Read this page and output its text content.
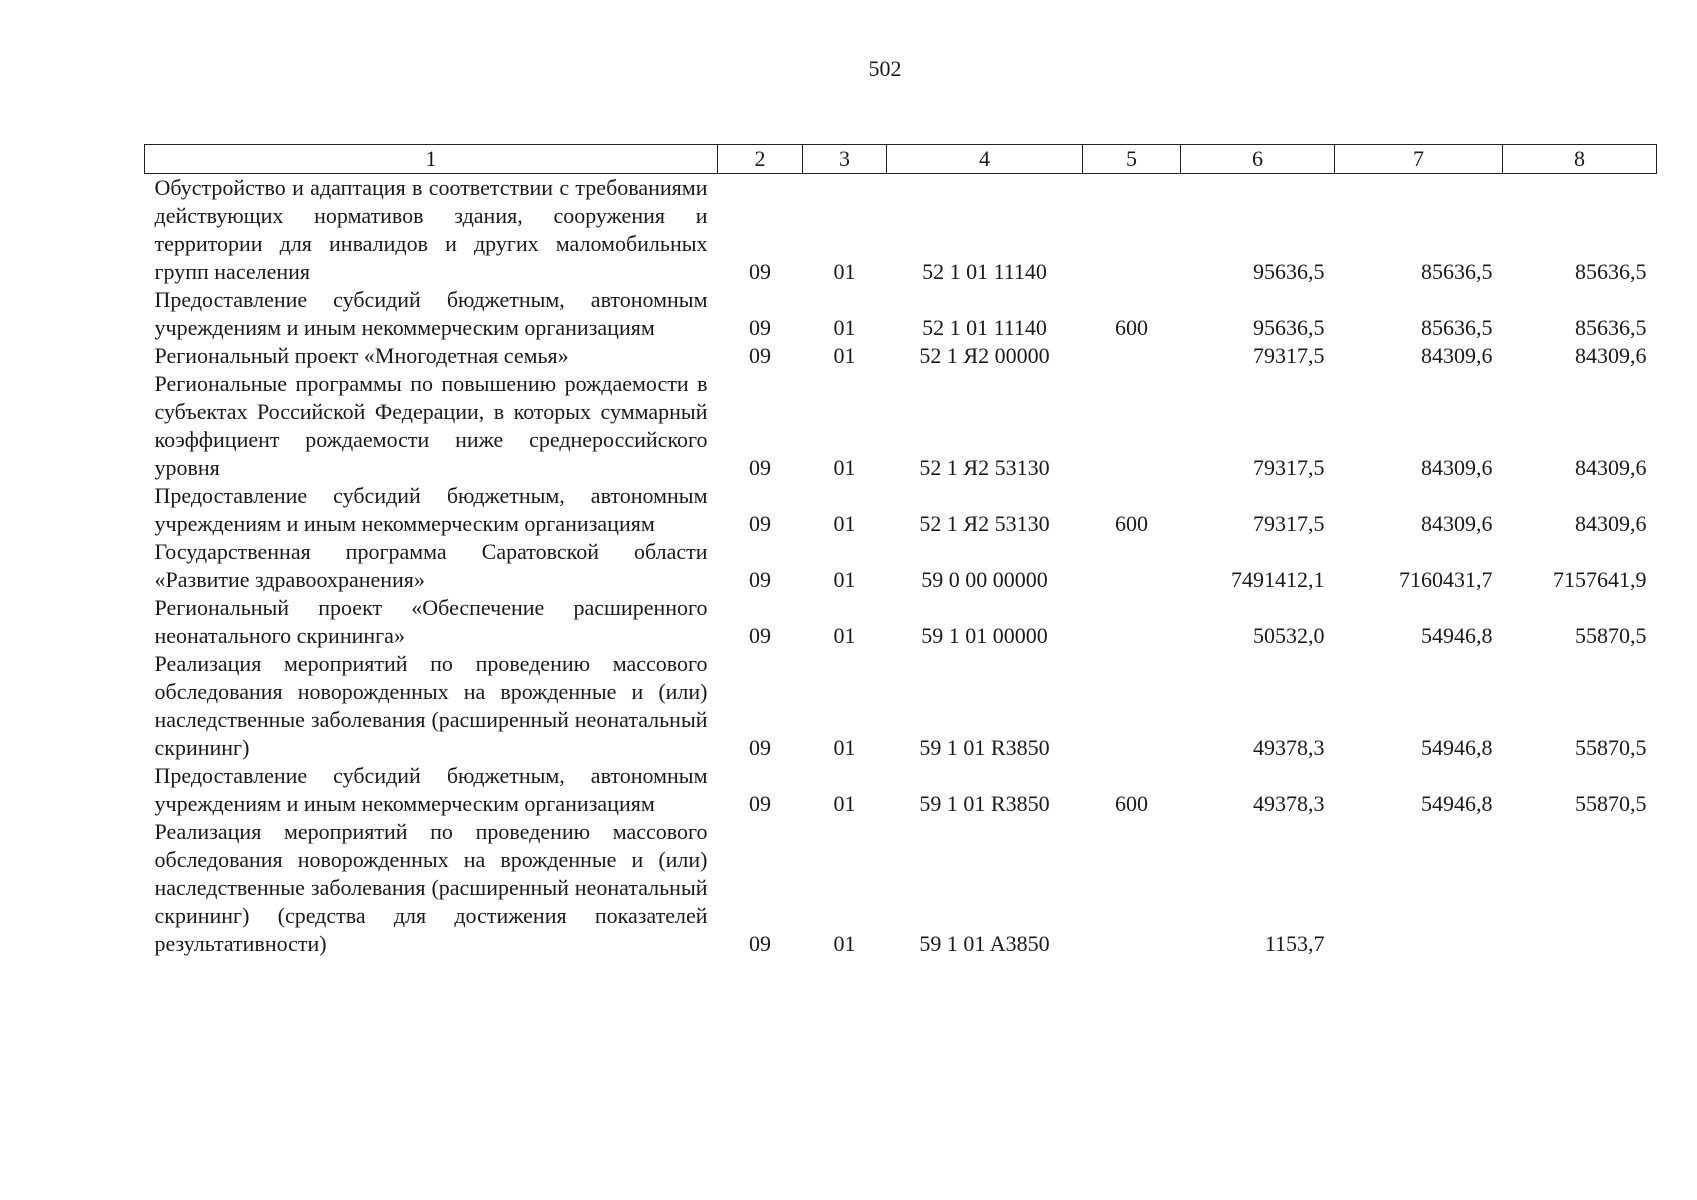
502
1	2	3	4	5	6	7	8
Обустройство и адаптация в соответствии с требованиями действующих нормативов здания, сооружения и территории для инвалидов и других маломобильных групп населения	09	01	52 1 01 11140		95636,5	85636,5	85636,5
Предоставление субсидий бюджетным, автономным учреждениям и иным некоммерческим организациям	09	01	52 1 01 11140	600	95636,5	85636,5	85636,5
Региональный проект «Многодетная семья»	09	01	52 1 Я2 00000		79317,5	84309,6	84309,6
Региональные программы по повышению рождаемости в субъектах Российской Федерации, в которых суммарный коэффициент рождаемости ниже среднероссийского уровня	09	01	52 1 Я2 53130		79317,5	84309,6	84309,6
Предоставление субсидий бюджетным, автономным учреждениям и иным некоммерческим организациям	09	01	52 1 Я2 53130	600	79317,5	84309,6	84309,6
Государственная программа Саратовской области «Развитие здравоохранения»	09	01	59 0 00 00000		7491412,1	7160431,7	7157641,9
Региональный проект «Обеспечение расширенного неонатального скрининга»	09	01	59 1 01 00000		50532,0	54946,8	55870,5
Реализация мероприятий по проведению массового обследования новорожденных на врожденные и (или) наследственные заболевания (расширенный неонатальный скрининг)	09	01	59 1 01 R3850		49378,3	54946,8	55870,5
Предоставление субсидий бюджетным, автономным учреждениям и иным некоммерческим организациям	09	01	59 1 01 R3850	600	49378,3	54946,8	55870,5
Реализация мероприятий по проведению массового обследования новорожденных на врожденные и (или) наследственные заболевания (расширенный неонатальный скрининг) (средства для достижения показателей результативности)	09	01	59 1 01 A3850		1153,7		
